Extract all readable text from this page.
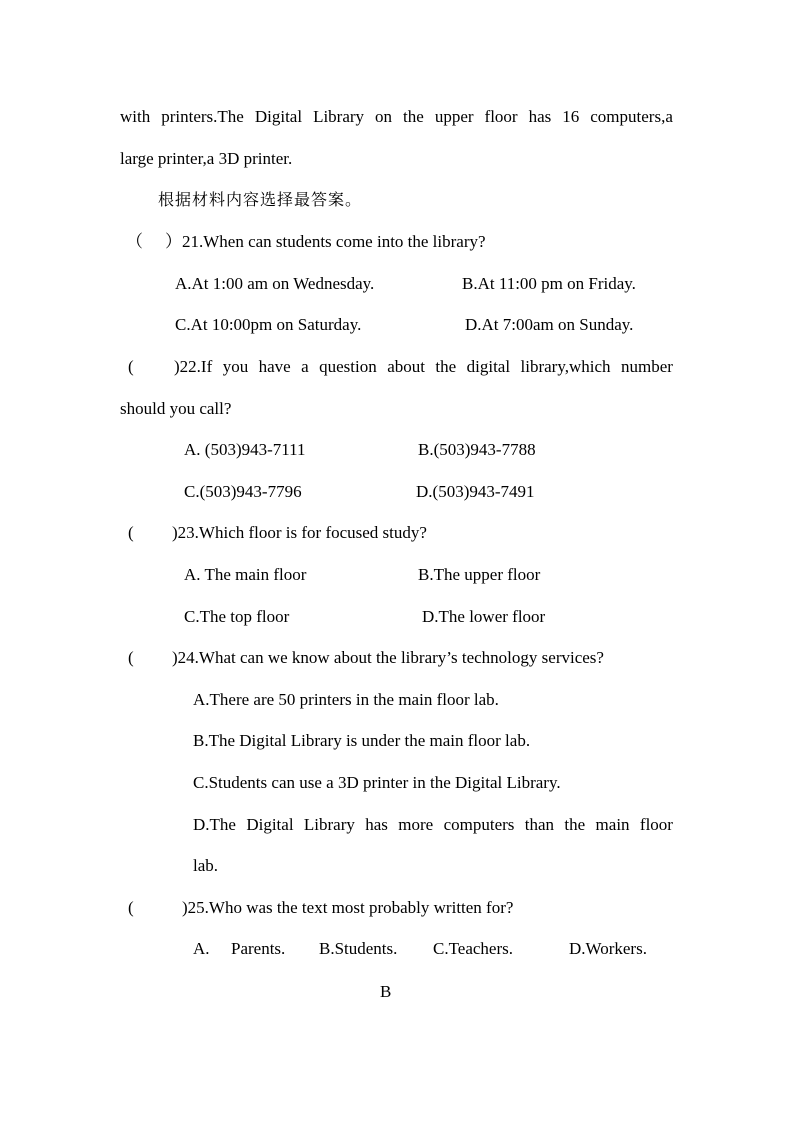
with printers.The Digital Library on the upper floor has 16 computers,a
large printer,a 3D printer.
根据材料内容选择最答案。
（ ）21.When can students come into the library?
A.At 1:00 am on Wednesday.	B.At 11:00 pm on Friday.
C.At 10:00pm on Saturday.	D.At 7:00am on Sunday.
( )22.If you have a question about the digital library,which number
should you call?
A. (503)943-7111	B.(503)943-7788
C.(503)943-7796	D.(503)943-7491
( )23.Which floor is for focused study?
A. The main floor	B.The upper floor
C.The top floor	D.The lower floor
( )24.What can we know about the library’s technology services?
A.There are 50 printers in the main floor lab.
B.The Digital Library is under the main floor lab.
C.Students can use a 3D printer in the Digital Library.
D.The Digital Library has more computers than the main floor
lab.
(	)25.Who was the text most probably written for?
A. Parents. B.Students. C.Teachers.	D.Workers.
B
